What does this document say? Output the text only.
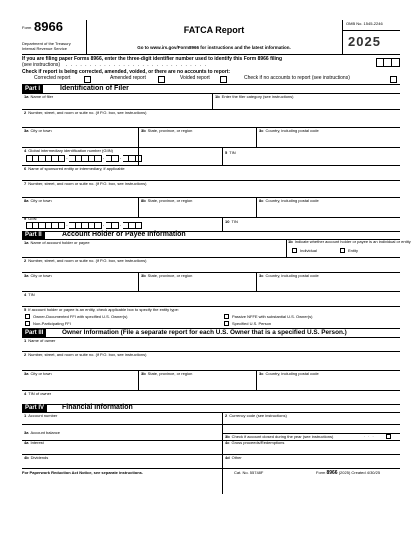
Form 8966
Department of the Treasury
Internal Revenue Service
FATCA Report
Go to www.irs.gov/Form8966 for instructions and the latest information.
OMB No. 1545-2246
2025
If you are filing paper Forms 8966, enter the three-digit identifier number used to identify this Form 8966 filing
(see instructions) . . . . . . . . . . . . . . . . . . . . . . . . . . . . . .
Check if report is being corrected, amended, voided, or there are no accounts to report:
Corrected report	Amended report	Voided report	Check if no accounts to report (see instructions)
Part I	Identification of Filer
1a Name of filer	1b Enter the filer category (see instructions)
2 Number, street, and room or suite no. (if P.O. box, see instructions)
3a City or town	3b State, province, or region	3c Country, including postal code
4 Global intermediary identification number (GIIN)
.	.	.
5 TIN
6 Name of sponsored entity or intermediary, if applicable
7 Number, street, and room or suite no. (if P.O. box, see instructions)
8a City or town	8b State, province, or region	8c Country, including postal code
9 GIIN
.	.	.
10 TIN
Part II	Account Holder or Payee Information
1a Name of account holder or payee	1b Indicate whether account holder or payee is an individual or entity
Individual	Entity
2 Number, street, and room or suite no. (if P.O. box, see instructions)
3a City or town	3b State, province, or region	3c Country, including postal code
4 TIN
5 If account holder or payee is an entity, check applicable box to specify the entity type:
Owner-Documented FFI with specified U.S. Owner(s)	Passive NFFE with substantial U.S. Owner(s)
Non-Participating FFI	Specified U.S. Person
Part III	Owner Information (File a separate report for each U.S. Owner that is a specified U.S. Person.)
1 Name of owner
2 Number, street, and room or suite no. (if P.O. box, see instructions)
3a City or town	3b State, province, or region	3c Country, including postal code
4 TIN of owner
Part IV	Financial Information
1 Account number	2 Currency code (see instructions)
3a Account balance
3b Check if account closed during the year (see instructions)	. . .
4a Interest	4c Gross proceeds/Redemptions
4b Dividends	4d Other
For Paperwork Reduction Act Notice, see separate instructions.	Cat. No. 55748F	Form 8966 (2025) Created 4/30/25
